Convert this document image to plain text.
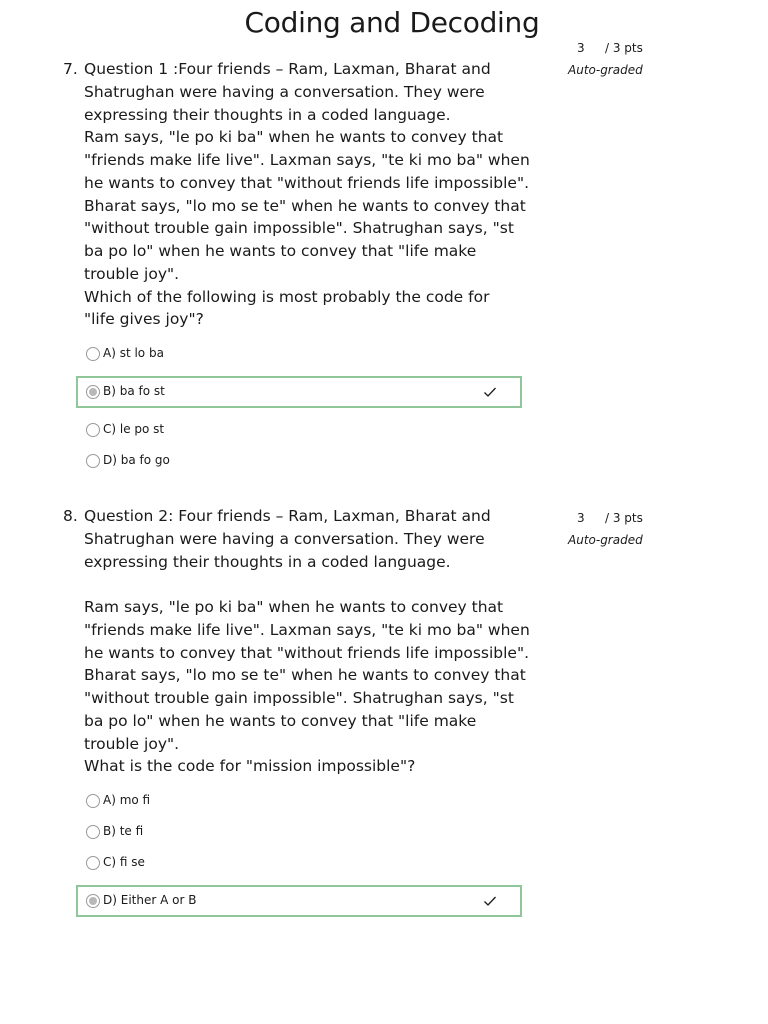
Coding and Decoding
7. Question 1 :Four friends – Ram, Laxman, Bharat and
Shatrughan were having a conversation. They were
expressing their thoughts in a coded language.
Ram says, "le po ki ba" when he wants to convey that
"friends make life live". Laxman says, "te ki mo ba" when
he wants to convey that "without friends life impossible".
Bharat says, "lo mo se te" when he wants to convey that
"without trouble gain impossible". Shatrughan says, "st
ba po lo" when he wants to convey that "life make
trouble joy".
Which of the following is most probably the code for
"life gives joy"?

3 / 3 pts
Auto-graded
A) st lo ba
B) ba fo st
C) le po st
D) ba fo go
8. Question 2: Four friends – Ram, Laxman, Bharat and
Shatrughan were having a conversation. They were
expressing their thoughts in a coded language.

Ram says, "le po ki ba" when he wants to convey that
"friends make life live". Laxman says, "te ki mo ba" when
he wants to convey that "without friends life impossible".
Bharat says, "lo mo se te" when he wants to convey that
"without trouble gain impossible". Shatrughan says, "st
ba po lo" when he wants to convey that "life make
trouble joy".
What is the code for "mission impossible"?

3 / 3 pts
Auto-graded
A) mo fi
B) te fi
C) fi se
D) Either A or B
